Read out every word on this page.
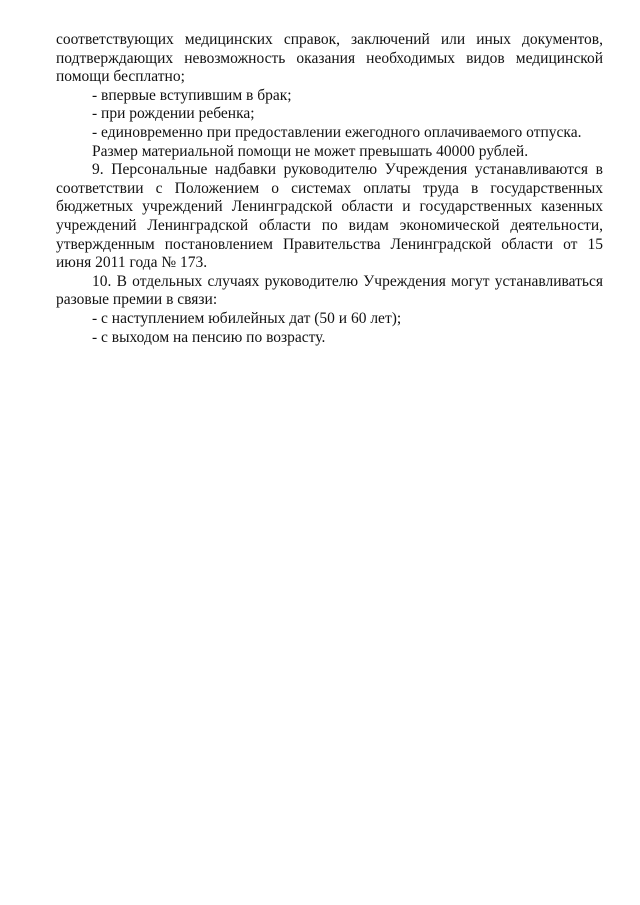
соответствующих медицинских справок, заключений или иных документов, подтверждающих невозможность оказания необходимых видов медицинской помощи бесплатно;

- впервые вступившим в брак;

- при рождении ребенка;

- единовременно при предоставлении ежегодного оплачиваемого отпуска.

Размер материальной помощи не может превышать 40000 рублей.

9. Персональные надбавки руководителю Учреждения устанавливаются в соответствии с Положением о системах оплаты труда в государственных бюджетных учреждений Ленинградской области и государственных казенных учреждений Ленинградской области по видам экономической деятельности, утвержденным постановлением Правительства Ленинградской области от 15 июня 2011 года № 173.

10. В отдельных случаях руководителю Учреждения могут устанавливаться разовые премии в связи:

- с наступлением юбилейных дат (50 и 60 лет);

- с выходом на пенсию по возрасту.
